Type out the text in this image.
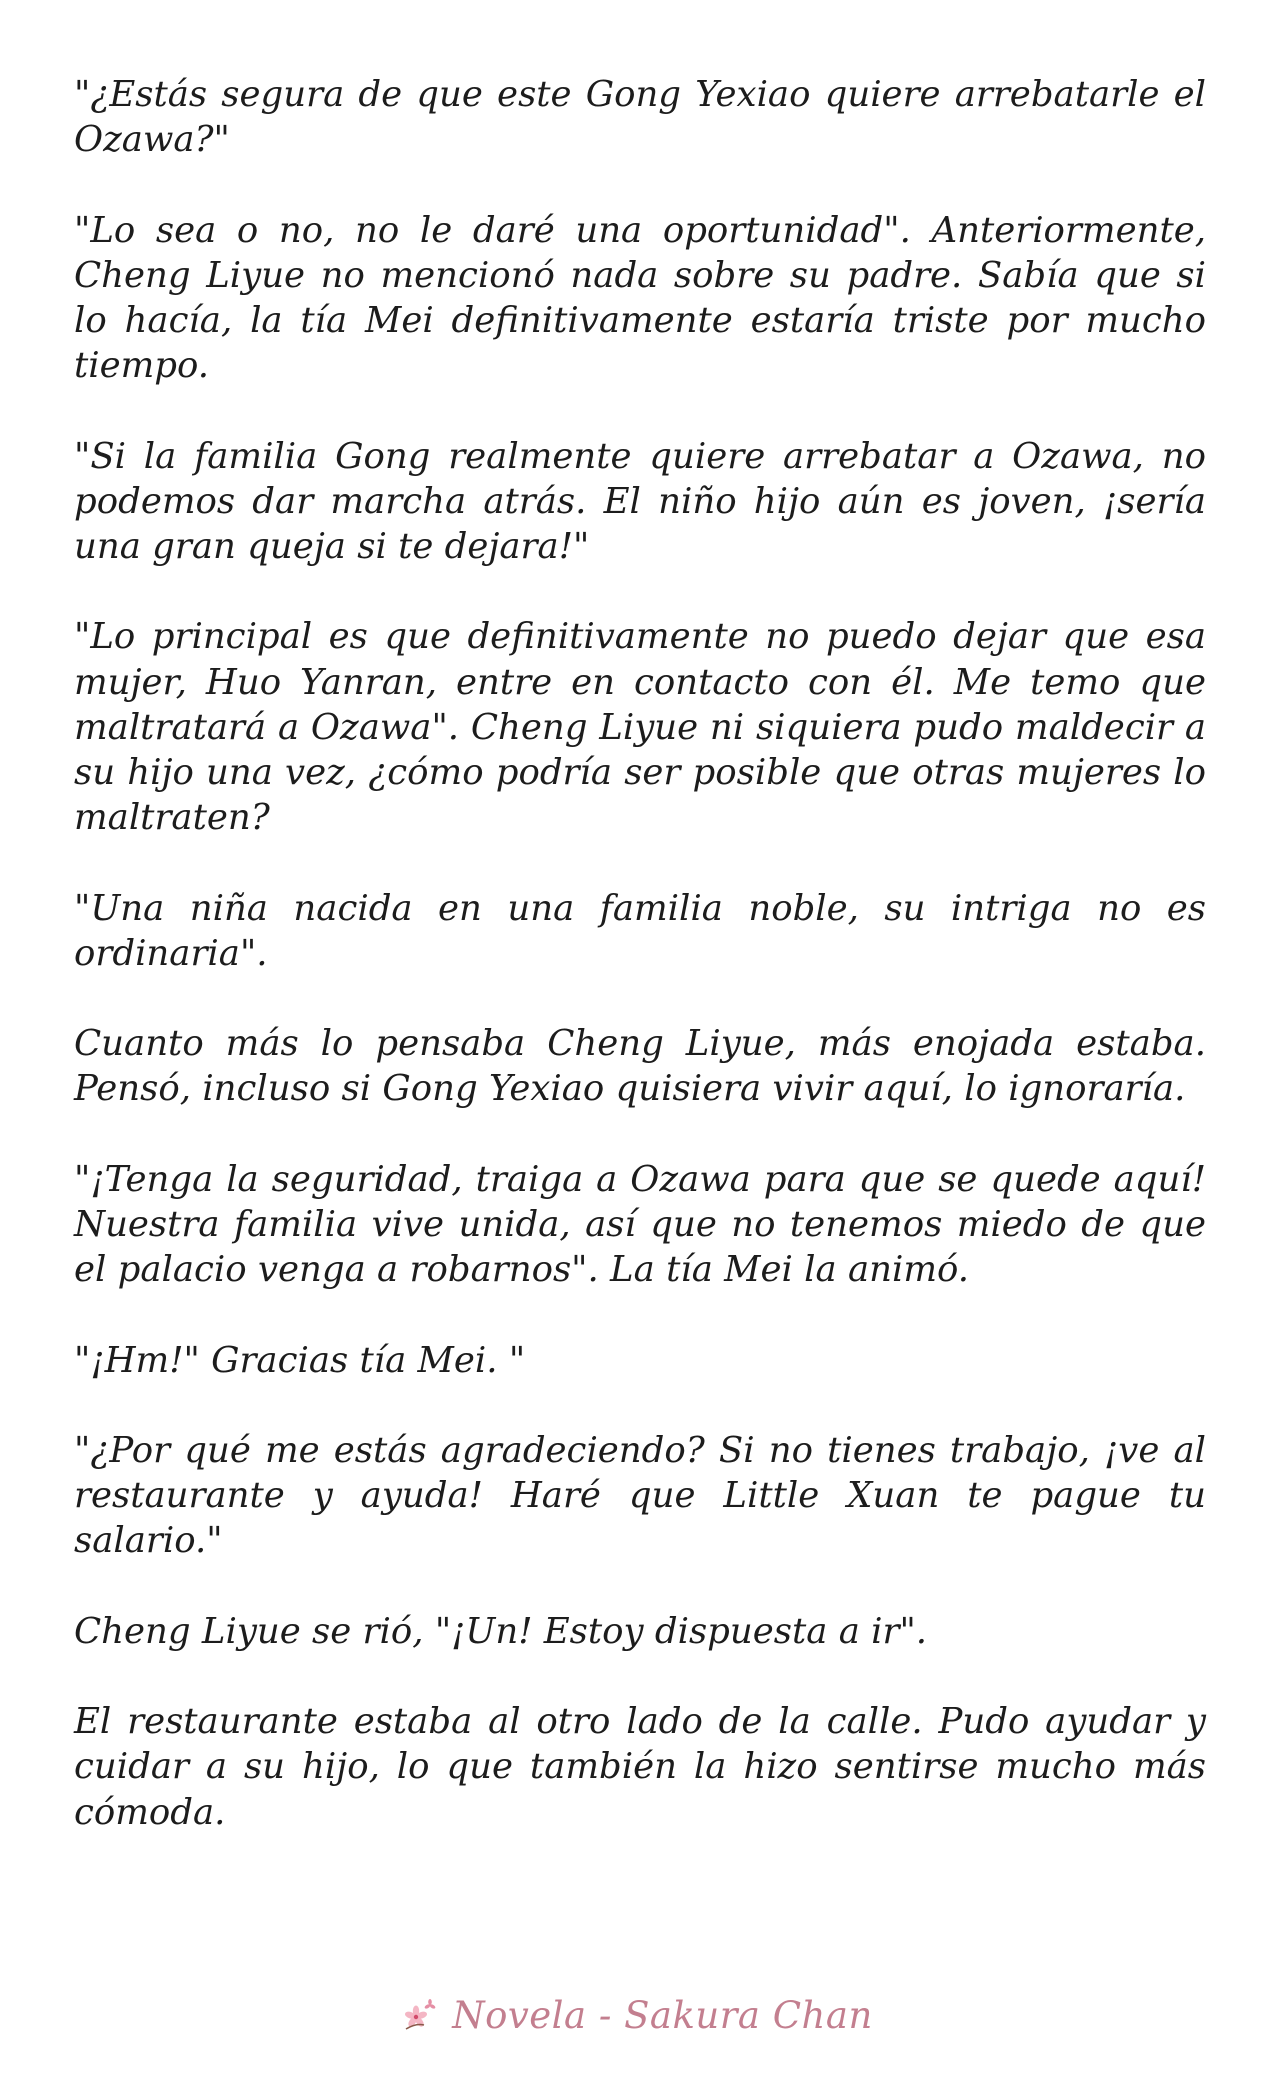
"¿Estás segura de que este Gong Yexiao quiere arrebatarle el Ozawa?"

"Lo sea o no, no le daré una oportunidad". Anteriormente, Cheng Liyue no mencionó nada sobre su padre. Sabía que si lo hacía, la tía Mei definitivamente estaría triste por mucho tiempo.

"Si la familia Gong realmente quiere arrebatar a Ozawa, no podemos dar marcha atrás. El niño hijo aún es joven, ¡sería una gran queja si te dejara!"

"Lo principal es que definitivamente no puedo dejar que esa mujer, Huo Yanran, entre en contacto con él. Me temo que maltratará a Ozawa". Cheng Liyue ni siquiera pudo maldecir a su hijo una vez, ¿cómo podría ser posible que otras mujeres lo maltraten?

"Una niña nacida en una familia noble, su intriga no es ordinaria".

Cuanto más lo pensaba Cheng Liyue, más enojada estaba. Pensó, incluso si Gong Yexiao quisiera vivir aquí, lo ignoraría.

"¡Tenga la seguridad, traiga a Ozawa para que se quede aquí! Nuestra familia vive unida, así que no tenemos miedo de que el palacio venga a robarnos". La tía Mei la animó.

"¡Hm!" Gracias tía Mei. "

"¿Por qué me estás agradeciendo? Si no tienes trabajo, ¡ve al restaurante y ayuda! Haré que Little Xuan te pague tu salario."

Cheng Liyue se rió, "¡Un! Estoy dispuesta a ir".

El restaurante estaba al otro lado de la calle. Pudo ayudar y cuidar a su hijo, lo que también la hizo sentirse mucho más cómoda.

Novela - Sakura Chan
